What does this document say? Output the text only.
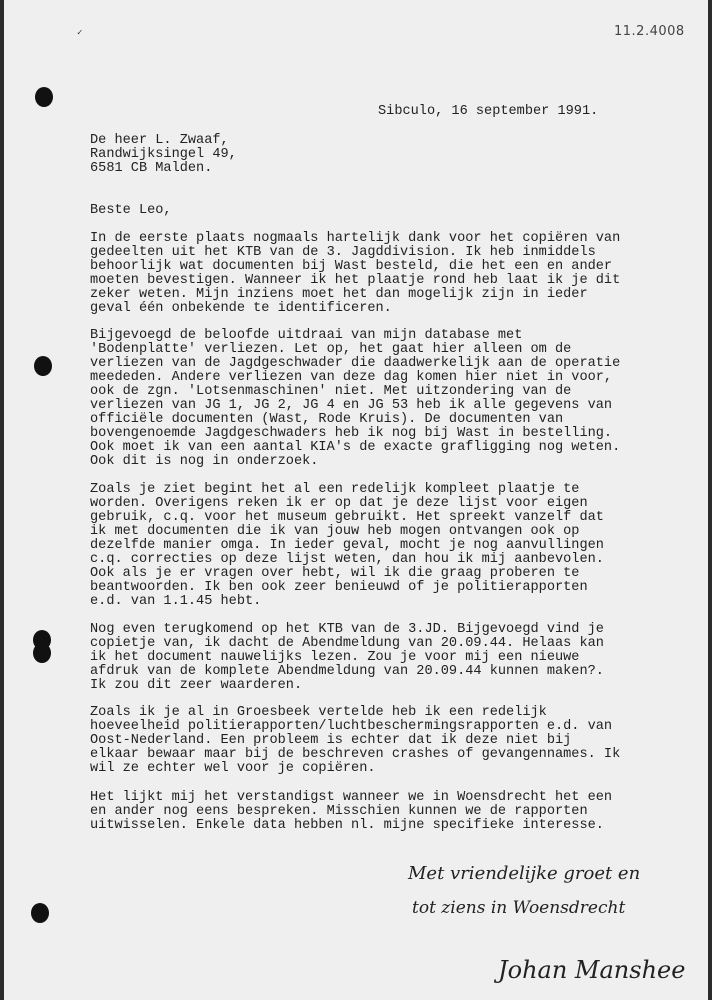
✓	11.2.4008
Sibculo, 16 september 1991.
De heer L. Zwaaf,
Randwijksingel 49,
6581 CB Malden.
Beste Leo,
In de eerste plaats nogmaals hartelijk dank voor het copiëren van
gedeelten uit het KTB van de 3. Jagddivision. Ik heb inmiddels
behoorlijk wat documenten bij Wast besteld, die het een en ander
moeten bevestigen. Wanneer ik het plaatje rond heb laat ik je dit
zeker weten. Mijn inziens moet het dan mogelijk zijn in ieder
geval één onbekende te identificeren.
Bijgevoegd de beloofde uitdraai van mijn database met
'Bodenplatte' verliezen. Let op, het gaat hier alleen om de
verliezen van de Jagdgeschwader die daadwerkelijk aan de operatie
meededen. Andere verliezen van deze dag komen hier niet in voor,
ook de zgn. 'Lotsenmaschinen' niet. Met uitzondering van de
verliezen van JG 1, JG 2, JG 4 en JG 53 heb ik alle gegevens van
officiële documenten (Wast, Rode Kruis). De documenten van
bovengenoemde Jagdgeschwaders heb ik nog bij Wast in bestelling.
Ook moet ik van een aantal KIA's de exacte grafligging nog weten.
Ook dit is nog in onderzoek.
Zoals je ziet begint het al een redelijk kompleet plaatje te
worden. Overigens reken ik er op dat je deze lijst voor eigen
gebruik, c.q. voor het museum gebruikt. Het spreekt vanzelf dat
ik met documenten die ik van jouw heb mogen ontvangen ook op
dezelfde manier omga. In ieder geval, mocht je nog aanvullingen
c.q. correcties op deze lijst weten, dan hou ik mij aanbevolen.
Ook als je er vragen over hebt, wil ik die graag proberen te
beantwoorden. Ik ben ook zeer benieuwd of je politierapporten
e.d. van 1.1.45 hebt.
Nog even terugkomend op het KTB van de 3.JD. Bijgevoegd vind je
copietje van, ik dacht de Abendmeldung van 20.09.44. Helaas kan
ik het document nauwelijks lezen. Zou je voor mij een nieuwe
afdruk van de komplete Abendmeldung van 20.09.44 kunnen maken?.
Ik zou dit zeer waarderen.
Zoals ik je al in Groesbeek vertelde heb ik een redelijk
hoeveelheid politierapporten/luchtbeschermingsrapporten e.d. van
Oost-Nederland. Een probleem is echter dat ik deze niet bij
elkaar bewaar maar bij de beschreven crashes of gevangennames. Ik
wil ze echter wel voor je copiëren.
Het lijkt mij het verstandigst wanneer we in Woensdrecht het een
en ander nog eens bespreken. Misschien kunnen we de rapporten
uitwisselen. Enkele data hebben nl. mijne specifieke interesse.
Met vriendelijke groet en
tot ziens in Woensdrecht
Johan Manshee
